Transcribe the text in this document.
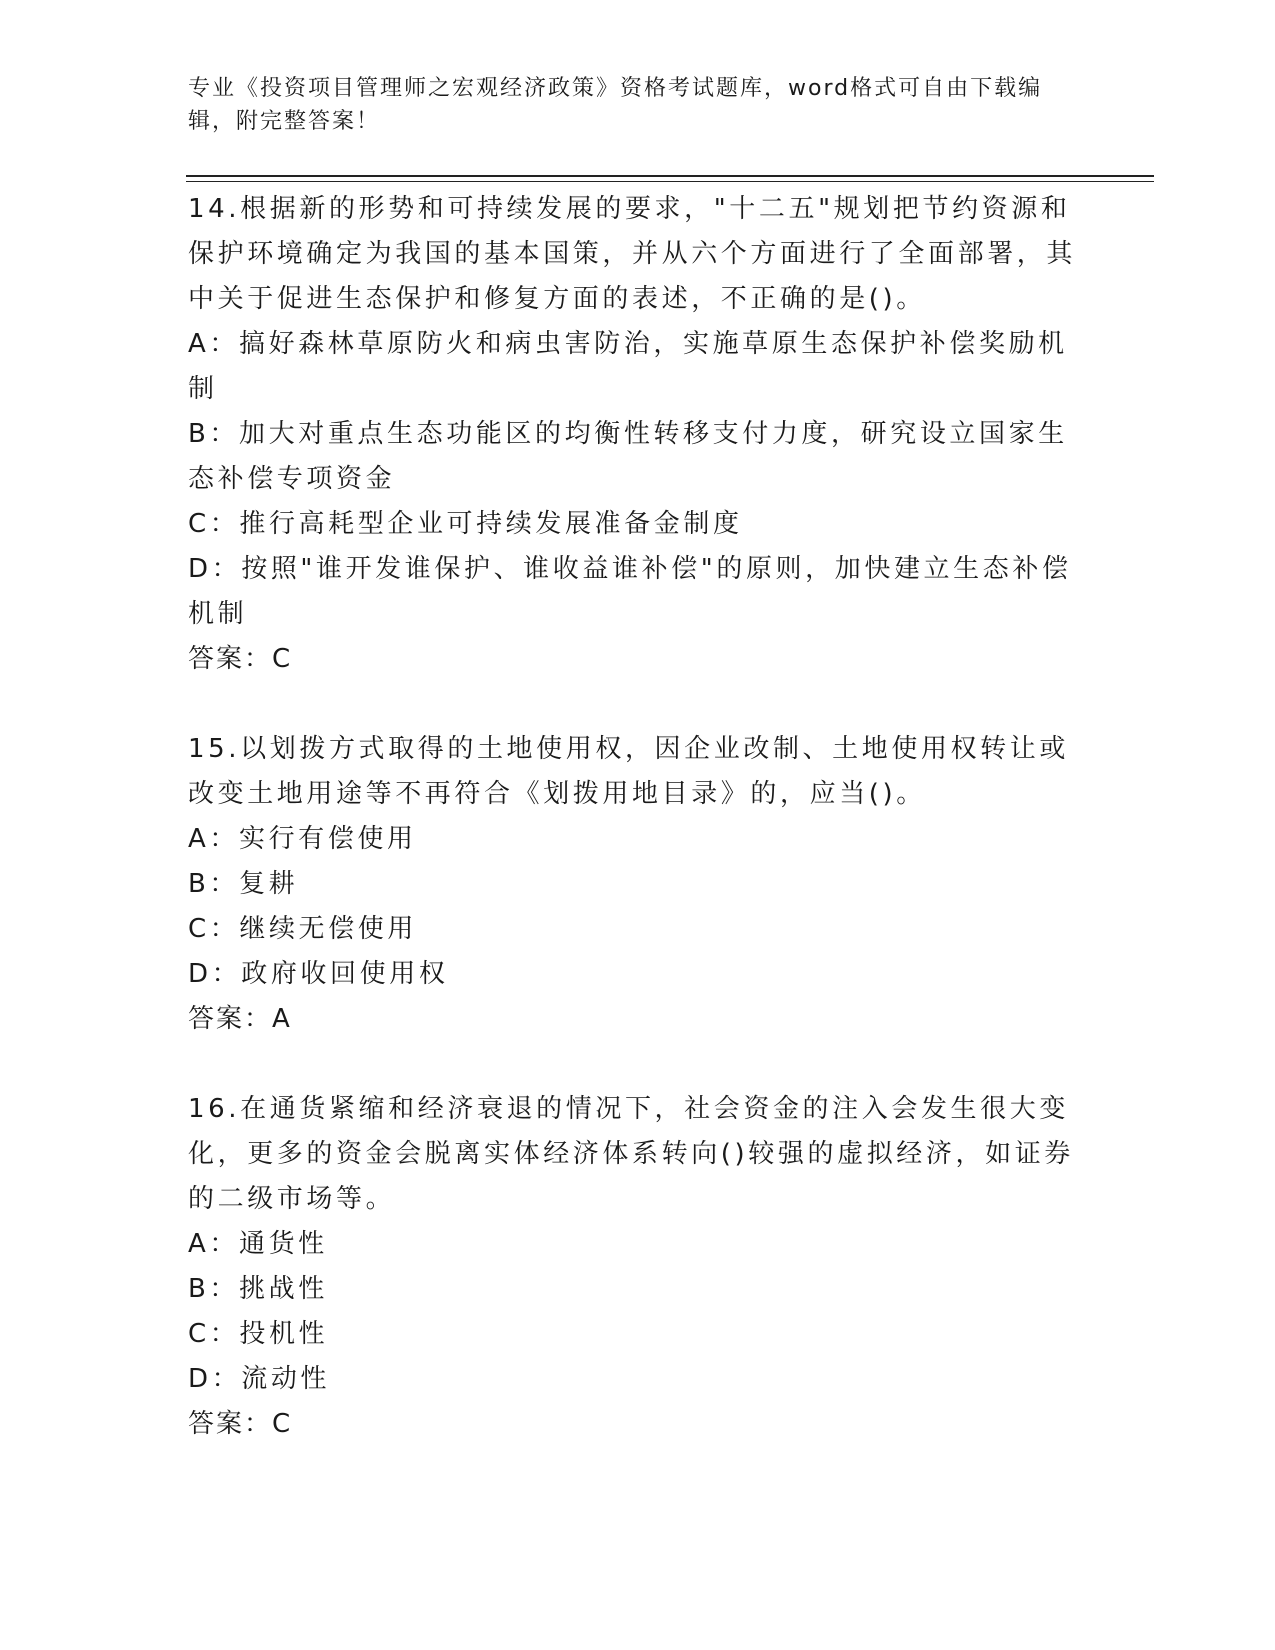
专业《投资项目管理师之宏观经济政策》资格考试题库，word格式可自由下载编辑，附完整答案！

14.根据新的形势和可持续发展的要求，"十二五"规划把节约资源和保护环境确定为我国的基本国策，并从六个方面进行了全面部署，其中关于促进生态保护和修复方面的表述，不正确的是()。

A：搞好森林草原防火和病虫害防治，实施草原生态保护补偿奖励机制

B：加大对重点生态功能区的均衡性转移支付力度，研究设立国家生态补偿专项资金

C：推行高耗型企业可持续发展准备金制度

D：按照"谁开发谁保护、谁收益谁补偿"的原则，加快建立生态补偿机制

答案：C

15.以划拨方式取得的土地使用权，因企业改制、土地使用权转让或改变土地用途等不再符合《划拨用地目录》的，应当()。

A：实行有偿使用

B：复耕

C：继续无偿使用

D：政府收回使用权

答案：A

16.在通货紧缩和经济衰退的情况下，社会资金的注入会发生很大变化，更多的资金会脱离实体经济体系转向()较强的虚拟经济，如证券的二级市场等。

A：通货性

B：挑战性

C：投机性

D：流动性

答案：C
